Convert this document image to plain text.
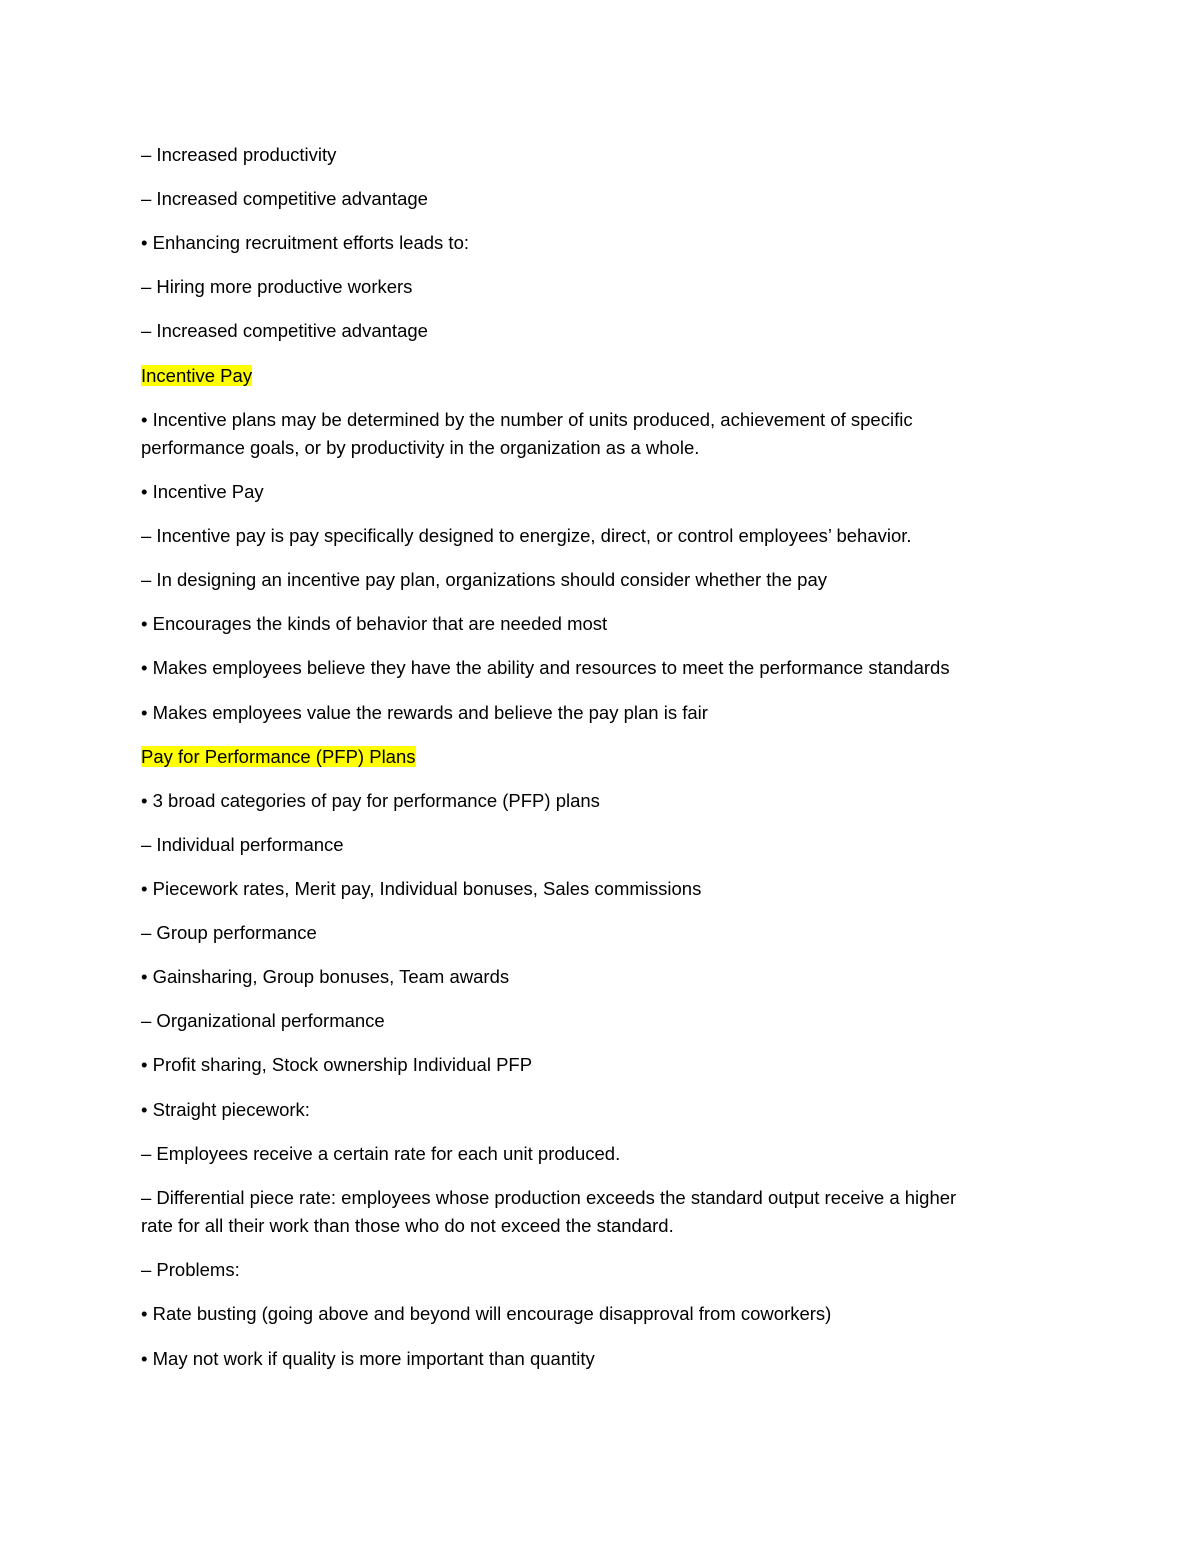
– Increased productivity
– Increased competitive advantage
• Enhancing recruitment efforts leads to:
– Hiring more productive workers
– Increased competitive advantage
Incentive Pay
• Incentive plans may be determined by the number of units produced, achievement of specific
performance goals, or by productivity in the organization as a whole.
• Incentive Pay
– Incentive pay is pay specifically designed to energize, direct, or control employees’ behavior.
– In designing an incentive pay plan, organizations should consider whether the pay
• Encourages the kinds of behavior that are needed most
• Makes employees believe they have the ability and resources to meet the performance standards
• Makes employees value the rewards and believe the pay plan is fair
Pay for Performance (PFP) Plans
• 3 broad categories of pay for performance (PFP) plans
– Individual performance
• Piecework rates, Merit pay, Individual bonuses, Sales commissions
– Group performance
• Gainsharing, Group bonuses, Team awards
– Organizational performance
• Profit sharing, Stock ownership Individual PFP
• Straight piecework:
– Employees receive a certain rate for each unit produced.
– Differential piece rate: employees whose production exceeds the standard output receive a higher
rate for all their work than those who do not exceed the standard.
– Problems:
• Rate busting (going above and beyond will encourage disapproval from coworkers)
• May not work if quality is more important than quantity
